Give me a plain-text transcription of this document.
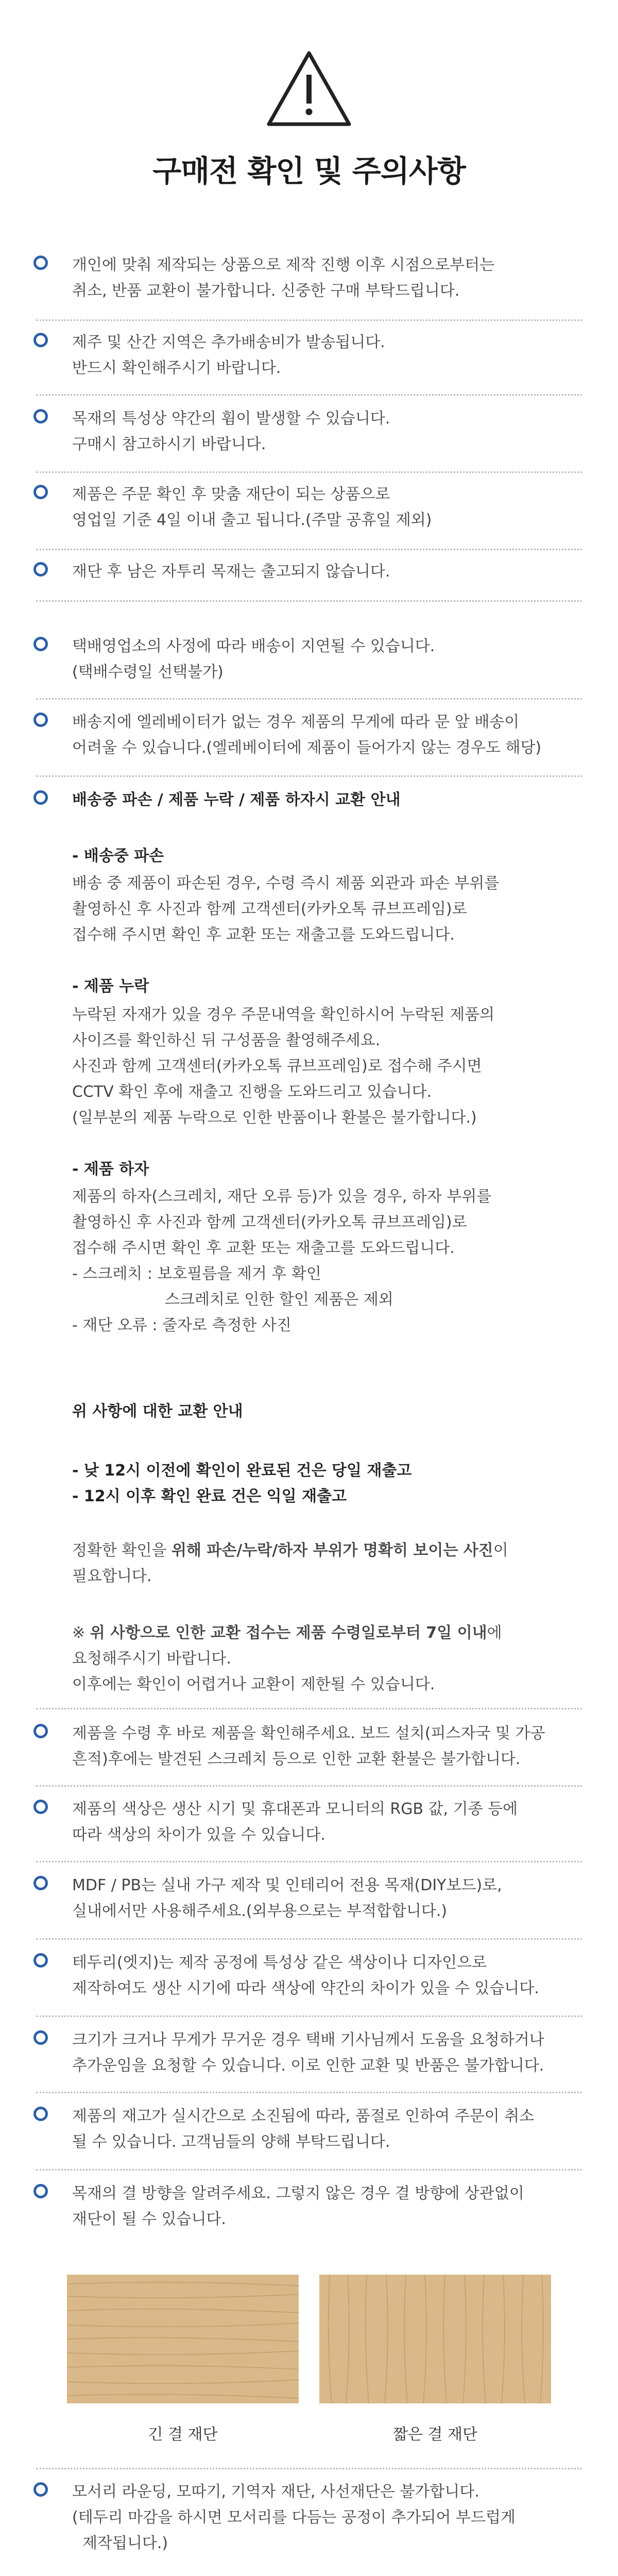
구매전 확인 및 주의사항
개인에 맞춰 제작되는 상품으로 제작 진행 이후 시점으로부터는
취소, 반품 교환이 불가합니다. 신중한 구매 부탁드립니다.
제주 및 산간 지역은 추가배송비가 발송됩니다.
반드시 확인해주시기 바랍니다.
목재의 특성상 약간의 휨이 발생할 수 있습니다.
구매시 참고하시기 바랍니다.
제품은 주문 확인 후 맞춤 재단이 되는 상품으로
영업일 기준 4일 이내 출고 됩니다.(주말 공휴일 제외)
재단 후 남은 자투리 목재는 출고되지 않습니다.
택배영업소의 사정에 따라 배송이 지연될 수 있습니다.
(택배수령일 선택불가)
배송지에 엘레베이터가 없는 경우 제품의 무게에 따라 문 앞 배송이
어려울 수 있습니다.(엘레베이터에 제품이 들어가지 않는 경우도 해당)
배송중 파손 / 제품 누락 / 제품 하자시 교환 안내
- 배송중 파손
배송 중 제품이 파손된 경우, 수령 즉시 제품 외관과 파손 부위를
촬영하신 후 사진과 함께 고객센터(카카오톡 큐브프레임)로
접수해 주시면 확인 후 교환 또는 재출고를 도와드립니다.
- 제품 누락
누락된 자재가 있을 경우 주문내역을 확인하시어 누락된 제품의
사이즈를 확인하신 뒤 구성품을 촬영해주세요.
사진과 함께 고객센터(카카오톡 큐브프레임)로 접수해 주시면
CCTV 확인 후에 재출고 진행을 도와드리고 있습니다.
(일부분의 제품 누락으로 인한 반품이나 환불은 불가합니다.)
- 제품 하자
제품의 하자(스크레치, 재단 오류 등)가 있을 경우, 하자 부위를
촬영하신 후 사진과 함께 고객센터(카카오톡 큐브프레임)로
접수해 주시면 확인 후 교환 또는 재출고를 도와드립니다.
- 스크레치 : 보호필름을 제거 후 확인
스크레치로 인한 할인 제품은 제외
- 재단 오류 : 줄자로 측정한 사진
위 사항에 대한 교환 안내
- 낮 12시 이전에 확인이 완료된 건은 당일 재출고
- 12시 이후 확인 완료 건은 익일 재출고
정확한 확인을 위해 파손/누락/하자 부위가 명확히 보이는 사진이
필요합니다.
※ 위 사항으로 인한 교환 접수는 제품 수령일로부터 7일 이내에
요청해주시기 바랍니다.
이후에는 확인이 어렵거나 교환이 제한될 수 있습니다.
제품을 수령 후 바로 제품을 확인해주세요. 보드 설치(피스자국 및 가공
흔적)후에는 발견된 스크레치 등으로 인한 교환 환불은 불가합니다.
제품의 색상은 생산 시기 및 휴대폰과 모니터의 RGB 값, 기종 등에
따라 색상의 차이가 있을 수 있습니다.
MDF / PB는 실내 가구 제작 및 인테리어 전용 목재(DIY보드)로,
실내에서만 사용해주세요.(외부용으로는 부적합합니다.)
테두리(엣지)는 제작 공정에 특성상 같은 색상이나 디자인으로
제작하여도 생산 시기에 따라 색상에 약간의 차이가 있을 수 있습니다.
크기가 크거나 무게가 무거운 경우 택배 기사님께서 도움을 요청하거나
추가운임을 요청할 수 있습니다. 이로 인한 교환 및 반품은 불가합니다.
제품의 재고가 실시간으로 소진됨에 따라, 품절로 인하여 주문이 취소
될 수 있습니다. 고객님들의 양해 부탁드립니다.
목재의 결 방향을 알려주세요. 그렇지 않은 경우 결 방향에 상관없이
재단이 될 수 있습니다.
긴 결 재단	짧은 결 재단
모서리 라운딩, 모따기, 기역자 재단, 사선재단은 불가합니다.
(테두리 마감을 하시면 모서리를 다듬는 공정이 추가되어 부드럽게
제작됩니다.)
